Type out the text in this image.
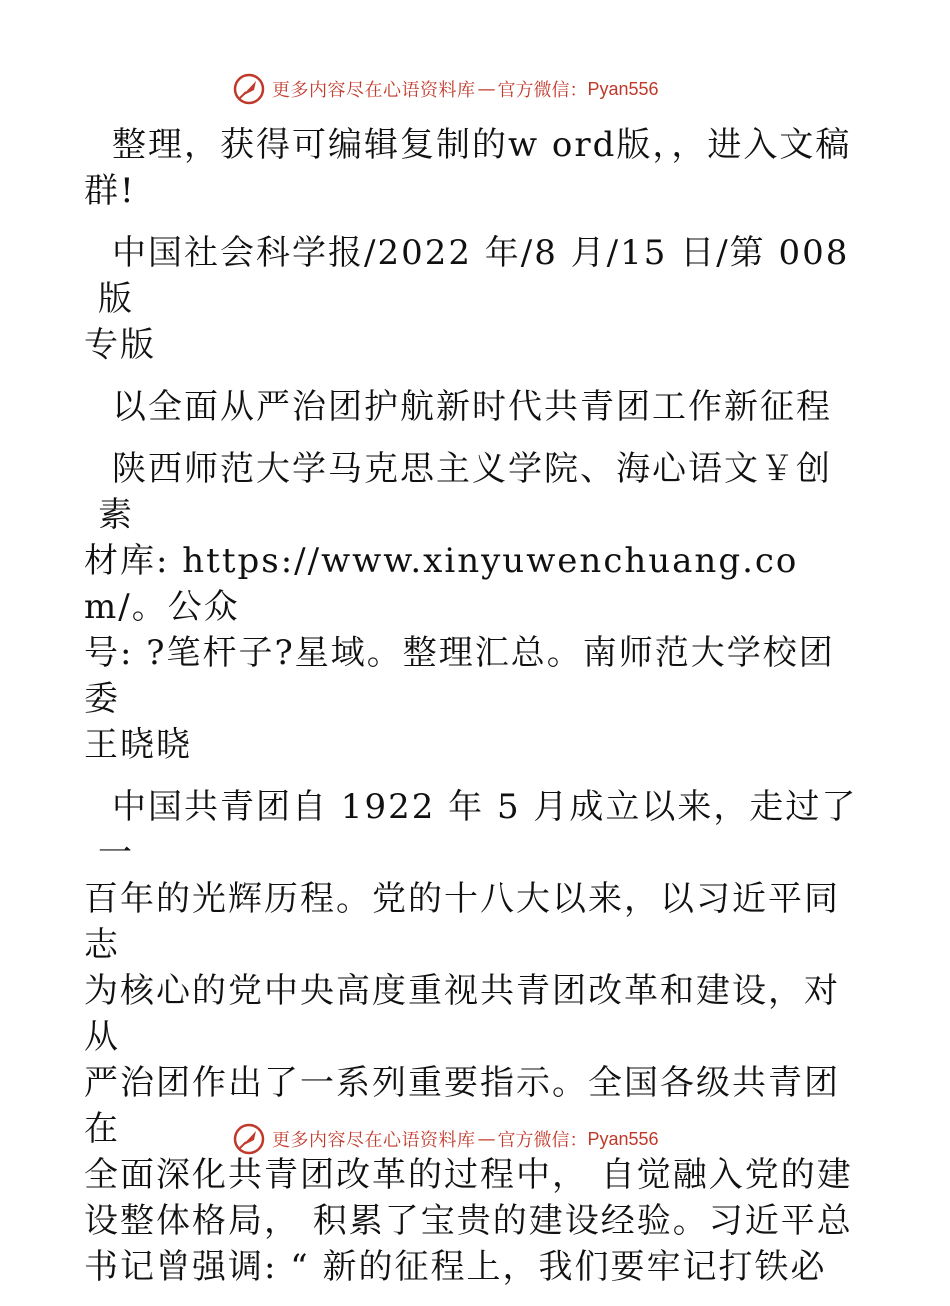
更多内容尽在心语资料库 — 官方微信： Pyan556
整理，获得可编辑复制的w ord版，，进入文稿
群!
中国社会科学报/2022 年/8 月/15 日/第 008 版
专版
以全面从严治团护航新时代共青团工作新征程
陕西师范大学马克思主义学院、海心语文￥创素
材库: https://www.xinyuwenchuang.com/。公众
号: ?笔杆子?星域。整理汇总。南师范大学校团委
王晓晓
中国共青团自 1922 年 5 月成立以来，走过了一
百年的光辉历程。党的十八大以来，以习近平同志
为核心的党中央高度重视共青团改革和建设，对从
严治团作出了一系列重要指示。全国各级共青团在
全面深化共青团改革的过程中， 自觉融入党的建
设整体格局， 积累了宝贵的建设经验。习近平总
书记曾强调: “ 新的征程上，我们要牢记打铁必
更多内容尽在心语资料库 — 官方微信： Pyan556
